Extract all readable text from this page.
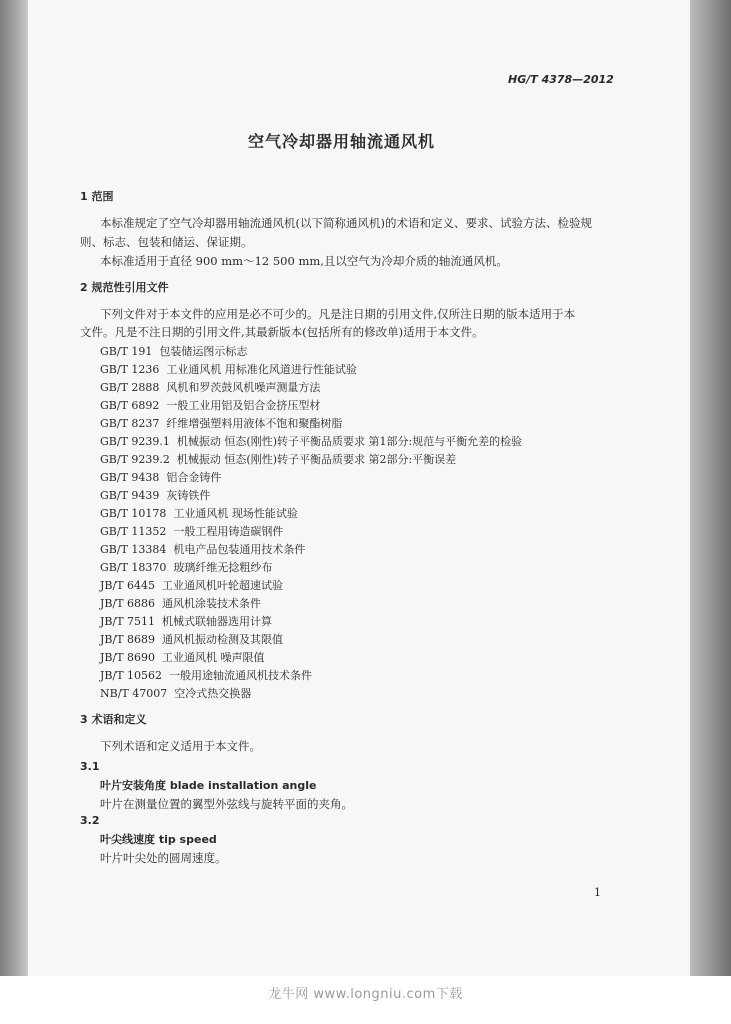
HG/T 4378—2012
空气冷却器用轴流通风机
1 范围
本标准规定了空气冷却器用轴流通风机(以下简称通风机)的术语和定义、要求、试验方法、检验规
则、标志、包装和储运、保证期。
本标准适用于直径 900 mm～12 500 mm,且以空气为冷却介质的轴流通风机。
2 规范性引用文件
下列文件对于本文件的应用是必不可少的。凡是注日期的引用文件,仅所注日期的版本适用于本
文件。凡是不注日期的引用文件,其最新版本(包括所有的修改单)适用于本文件。
GB/T 191 包装储运图示标志
GB/T 1236 工业通风机 用标准化风道进行性能试验
GB/T 2888 风机和罗茨鼓风机噪声测量方法
GB/T 6892 一般工业用铝及铝合金挤压型材
GB/T 8237 纤维增强塑料用液体不饱和聚酯树脂
GB/T 9239.1 机械振动 恒态(刚性)转子平衡品质要求 第1部分:规范与平衡允差的检验
GB/T 9239.2 机械振动 恒态(刚性)转子平衡品质要求 第2部分:平衡误差
GB/T 9438 铝合金铸件
GB/T 9439 灰铸铁件
GB/T 10178 工业通风机 现场性能试验
GB/T 11352 一般工程用铸造碳钢件
GB/T 13384 机电产品包装通用技术条件
GB/T 18370 玻璃纤维无捻粗纱布
JB/T 6445 工业通风机叶轮超速试验
JB/T 6886 通风机涂装技术条件
JB/T 7511 机械式联轴器选用计算
JB/T 8689 通风机振动检测及其限值
JB/T 8690 工业通风机 噪声限值
JB/T 10562 一般用途轴流通风机技术条件
NB/T 47007 空冷式热交换器
3 术语和定义
下列术语和定义适用于本文件。
3.1
叶片安装角度 blade installation angle
叶片在测量位置的翼型外弦线与旋转平面的夹角。
3.2
叶尖线速度 tip speed
叶片叶尖处的圆周速度。
1
龙牛网 www.longniu.com下载
